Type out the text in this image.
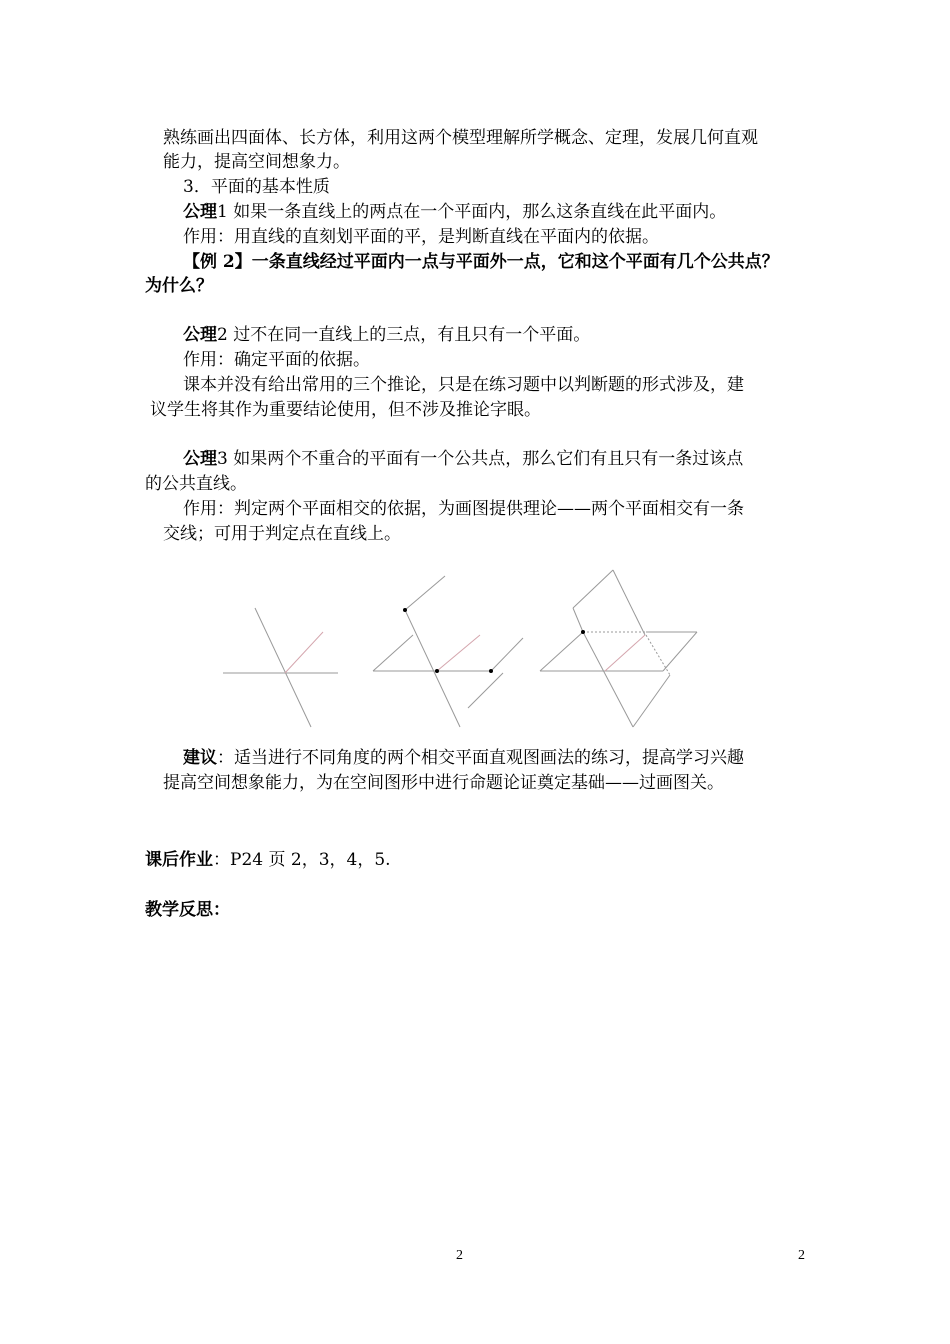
熟练画出四面体、长方体，利用这两个模型理解所学概念、定理，发展几何直观
能力，提高空间想象力。
3．平面的基本性质
公理1 如果一条直线上的两点在一个平面内，那么这条直线在此平面内。
作用：用直线的直刻划平面的平，是判断直线在平面内的依据。
【例 2】一条直线经过平面内一点与平面外一点，它和这个平面有几个公共点？
为什么？
公理2 过不在同一直线上的三点，有且只有一个平面。
作用：确定平面的依据。
课本并没有给出常用的三个推论，只是在练习题中以判断题的形式涉及，建
议学生将其作为重要结论使用，但不涉及推论字眼。
公理3 如果两个不重合的平面有一个公共点，那么它们有且只有一条过该点
的公共直线。
作用：判定两个平面相交的依据，为画图提供理论——两个平面相交有一条
交线；可用于判定点在直线上。
建议：适当进行不同角度的两个相交平面直观图画法的练习，提高学习兴趣
提高空间想象能力，为在空间图形中进行命题论证奠定基础——过画图关。
课后作业：P24 页 2，3，4，5.
教学反思：
2	2
